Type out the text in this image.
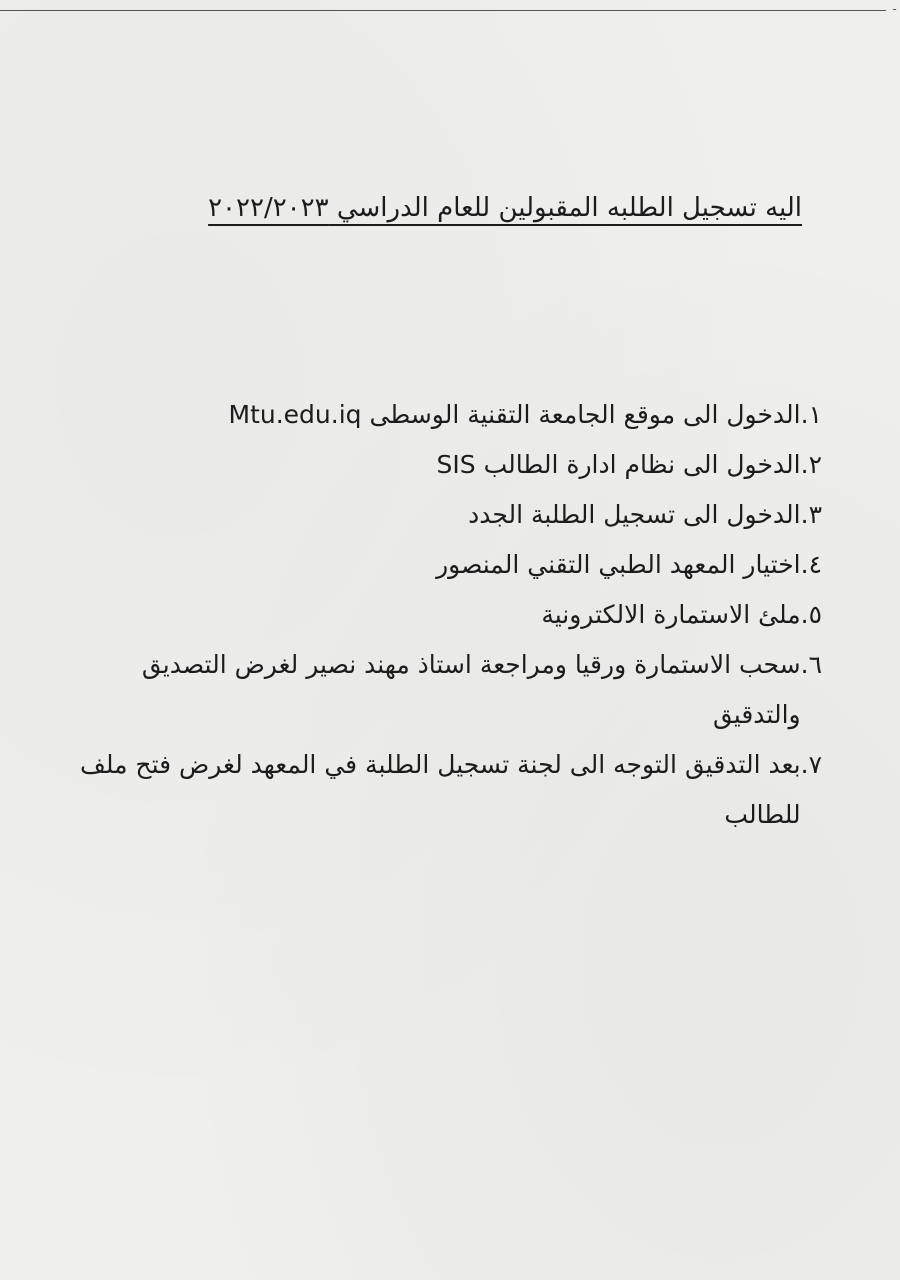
ـ
اليه تسجيل الطلبه المقبولين للعام الدراسي ٢٠٢٢/٢٠٢٣
١.
الدخول الى موقع الجامعة التقنية الوسطى Mtu.edu.iq
٢.
الدخول الى نظام ادارة الطالب SIS
٣.
الدخول الى تسجيل الطلبة الجدد
٤.
اختيار المعهد الطبي التقني المنصور
٥.
ملئ الاستمارة الالكترونية
٦.
سحب الاستمارة ورقيا ومراجعة استاذ مهند نصير لغرض التصديق والتدقيق
٧.
بعد التدقيق التوجه الى لجنة تسجيل الطلبة في المعهد لغرض فتح ملف للطالب
